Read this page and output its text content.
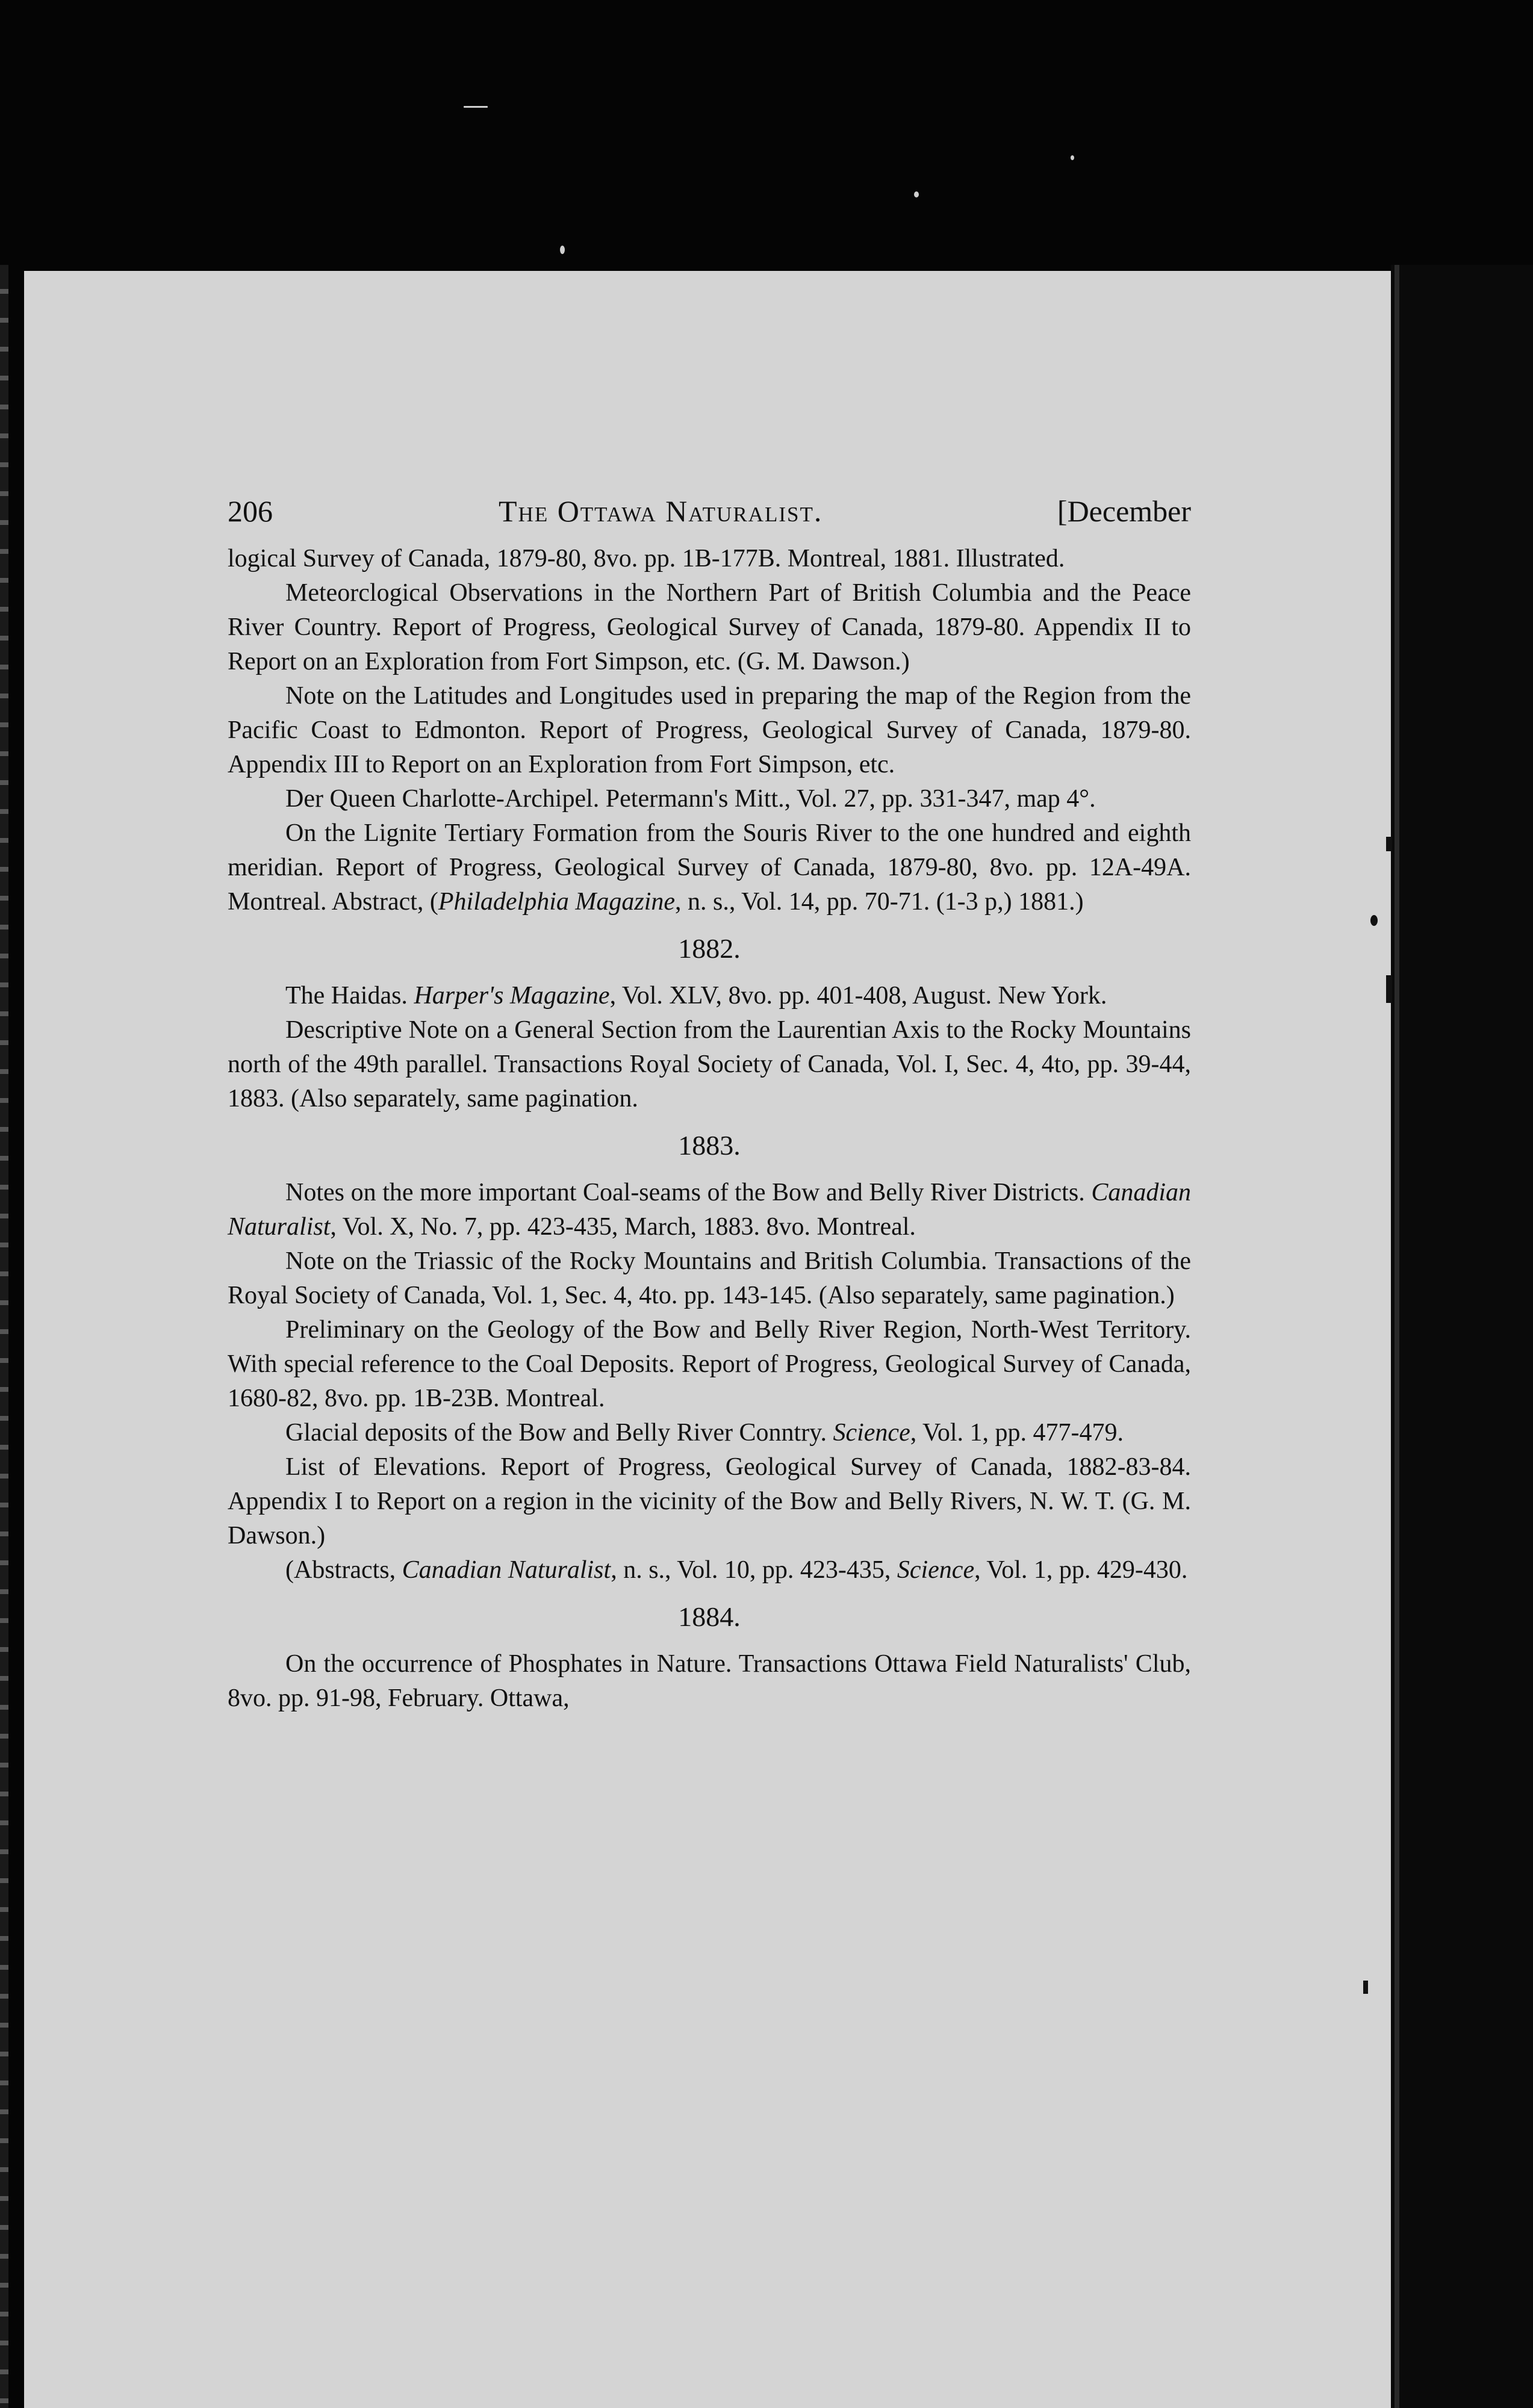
206	The Ottawa Naturalist.	[December

logical Survey of Canada, 1879-80, 8vo. pp. 1B-177B. Montreal, 1881. Illustrated.

Meteorclogical Observations in the Northern Part of British Columbia and the Peace River Country. Report of Progress, Geological Survey of Canada, 1879-80. Appendix II to Report on an Exploration from Fort Simpson, etc. (G. M. Dawson.)

Note on the Latitudes and Longitudes used in preparing the map of the Region from the Pacific Coast to Edmonton. Report of Progress, Geological Survey of Canada, 1879-80. Appendix III to Report on an Exploration from Fort Simpson, etc.

Der Queen Charlotte-Archipel. Petermann's Mitt., Vol. 27, pp. 331-347, map 4°.

On the Lignite Tertiary Formation from the Souris River to the one hundred and eighth meridian. Report of Progress, Geological Survey of Canada, 1879-80, 8vo. pp. 12A-49A. Montreal. Abstract, (Philadelphia Magazine, n. s., Vol. 14, pp. 70-71. (1-3 p,) 1881.)

1882.

The Haidas. Harper's Magazine, Vol. XLV, 8vo. pp. 401-408, August. New York.

Descriptive Note on a General Section from the Laurentian Axis to the Rocky Mountains north of the 49th parallel. Transactions Royal Society of Canada, Vol. I, Sec. 4, 4to, pp. 39-44, 1883. (Also separately, same pagination.

1883.

Notes on the more important Coal-seams of the Bow and Belly River Districts. Canadian Naturalist, Vol. X, No. 7, pp. 423-435, March, 1883. 8vo. Montreal.

Note on the Triassic of the Rocky Mountains and British Columbia. Transactions of the Royal Society of Canada, Vol. 1, Sec. 4, 4to. pp. 143-145. (Also separately, same pagination.)

Preliminary on the Geology of the Bow and Belly River Region, North-West Territory. With special reference to the Coal Deposits. Report of Progress, Geological Survey of Canada, 1680-82, 8vo. pp. 1B-23B. Montreal.

Glacial deposits of the Bow and Belly River Conntry. Science, Vol. 1, pp. 477-479.

List of Elevations. Report of Progress, Geological Survey of Canada, 1882-83-84. Appendix I to Report on a region in the vicinity of the Bow and Belly Rivers, N. W. T. (G. M. Dawson.)

(Abstracts, Canadian Naturalist, n. s., Vol. 10, pp. 423-435, Science, Vol. 1, pp. 429-430.

1884.

On the occurrence of Phosphates in Nature. Transactions Ottawa Field Naturalists' Club, 8vo. pp. 91-98, February. Ottawa,
